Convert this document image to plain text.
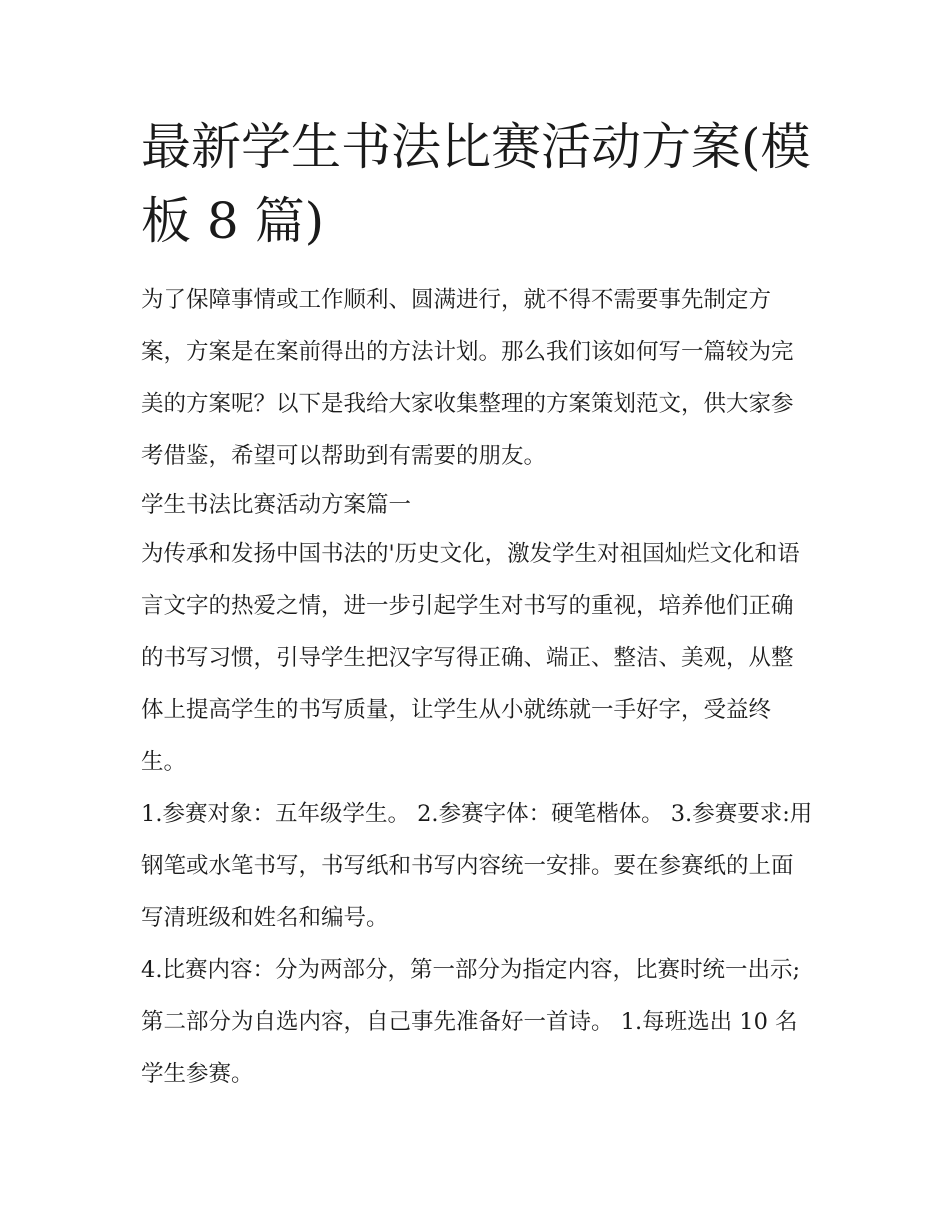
最新学生书法比赛活动方案(模板 8 篇)

为了保障事情或工作顺利、圆满进行，就不得不需要事先制定方案，方案是在案前得出的方法计划。那么我们该如何写一篇较为完美的方案呢？以下是我给大家收集整理的方案策划范文，供大家参考借鉴，希望可以帮助到有需要的朋友。

学生书法比赛活动方案篇一

为传承和发扬中国书法的'历史文化，激发学生对祖国灿烂文化和语言文字的热爱之情，进一步引起学生对书写的重视，培养他们正确的书写习惯，引导学生把汉字写得正确、端正、整洁、美观，从整体上提高学生的书写质量，让学生从小就练就一手好字，受益终生。

1.参赛对象：五年级学生。 2.参赛字体：硬笔楷体。 3.参赛要求:用钢笔或水笔书写，书写纸和书写内容统一安排。要在参赛纸的上面写清班级和姓名和编号。

4.比赛内容：分为两部分，第一部分为指定内容，比赛时统一出示;第二部分为自选内容，自己事先准备好一首诗。 1.每班选出 10 名学生参赛。
